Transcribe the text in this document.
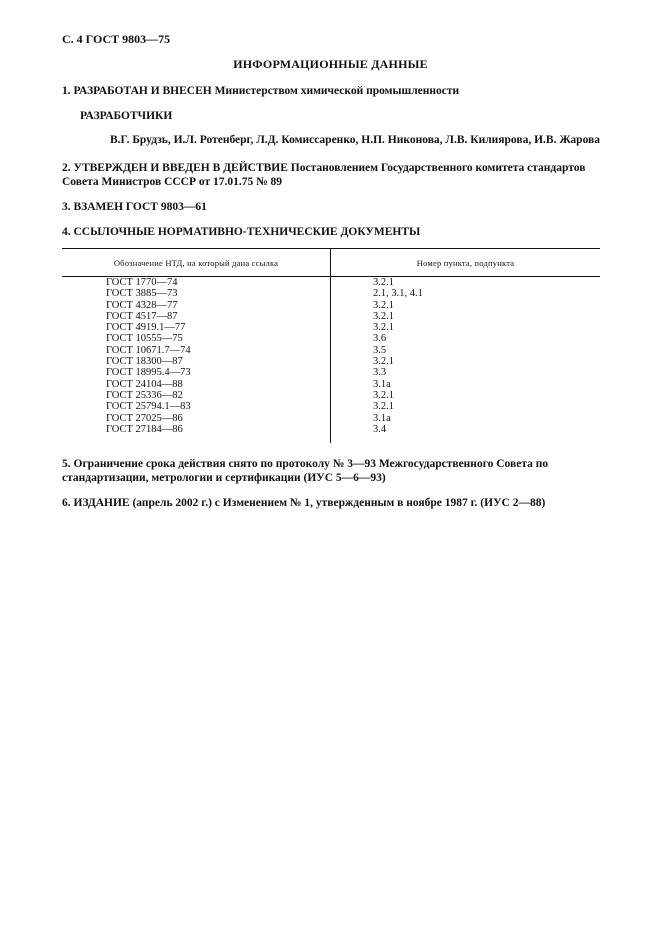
С. 4 ГОСТ 9803—75
ИНФОРМАЦИОННЫЕ ДАННЫЕ
1. РАЗРАБОТАН И ВНЕСЕН Министерством химической промышленности
РАЗРАБОТЧИКИ
В.Г. Брудзь, И.Л. Ротенберг, Л.Д. Комиссаренко, Н.П. Никонова, Л.В. Килиярова, И.В. Жарова
2. УТВЕРЖДЕН И ВВЕДЕН В ДЕЙСТВИЕ Постановлением Государственного комитета стандартов Совета Министров СССР от 17.01.75 № 89
3. ВЗАМЕН ГОСТ 9803—61
4. ССЫЛОЧНЫЕ НОРМАТИВНО-ТЕХНИЧЕСКИЕ ДОКУМЕНТЫ
Обозначение НТД, на который дана ссылка	Номер пункта, подпункта
ГОСТ 1770—74	3.2.1
ГОСТ 3885—73	2.1, 3.1, 4.1
ГОСТ 4328—77	3.2.1
ГОСТ 4517—87	3.2.1
ГОСТ 4919.1—77	3.2.1
ГОСТ 10555—75	3.6
ГОСТ 10671.7—74	3.5
ГОСТ 18300—87	3.2.1
ГОСТ 18995.4—73	3.3
ГОСТ 24104—88	3.1а
ГОСТ 25336—82	3.2.1
ГОСТ 25794.1—83	3.2.1
ГОСТ 27025—86	3.1а
ГОСТ 27184—86	3.4

5. Ограничение срока действия снято по протоколу № 3—93 Межгосударственного Совета по стандартизации, метрологии и сертификации (ИУС 5—6—93)
6. ИЗДАНИЕ (апрель 2002 г.) с Изменением № 1, утвержденным в ноябре 1987 г. (ИУС 2—88)
